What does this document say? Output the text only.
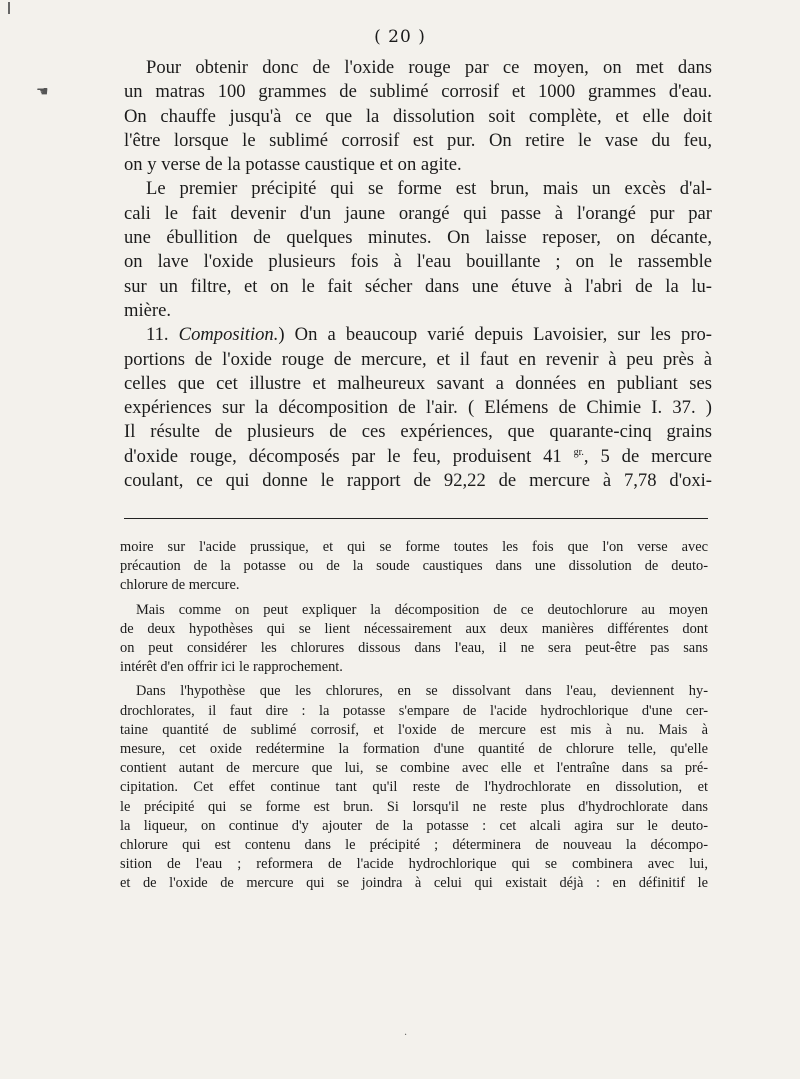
☚
( 20 )
Pour obtenir donc de l'oxide rouge par ce moyen, on met dans
un matras 100 grammes de sublimé corrosif et 1000 grammes d'eau.
On chauffe jusqu'à ce que la dissolution soit complète, et elle doit
l'être lorsque le sublimé corrosif est pur. On retire le vase du feu,
on y verse de la potasse caustique et on agite.
Le premier précipité qui se forme est brun, mais un excès d'al-
cali le fait devenir d'un jaune orangé qui passe à l'orangé pur par
une ébullition de quelques minutes. On laisse reposer, on décante,
on lave l'oxide plusieurs fois à l'eau bouillante ; on le rassemble
sur un filtre, et on le fait sécher dans une étuve à l'abri de la lu-
mière.
11. Composition.) On a beaucoup varié depuis Lavoisier, sur les pro-
portions de l'oxide rouge de mercure, et il faut en revenir à peu près à
celles que cet illustre et malheureux savant a données en publiant ses
expériences sur la décomposition de l'air. ( Elémens de Chimie I. 37. )
Il résulte de plusieurs de ces expériences, que quarante-cinq grains
d'oxide rouge, décomposés par le feu, produisent 41 $^{gr.}$, 5 de mercure
coulant, ce qui donne le rapport de 92,22 de mercure à 7,78 d'oxi-
moire sur l'acide prussique, et qui se forme toutes les fois que l'on verse avec
précaution de la potasse ou de la soude caustiques dans une dissolution de deuto-
chlorure de mercure.
Mais comme on peut expliquer la décomposition de ce deutochlorure au moyen
de deux hypothèses qui se lient nécessairement aux deux manières différentes dont
on peut considérer les chlorures dissous dans l'eau, il ne sera peut-être pas sans
intérêt d'en offrir ici le rapprochement.
Dans l'hypothèse que les chlorures, en se dissolvant dans l'eau, deviennent hy-
drochlorates, il faut dire : la potasse s'empare de l'acide hydrochlorique d'une cer-
taine quantité de sublimé corrosif, et l'oxide de mercure est mis à nu. Mais à
mesure, cet oxide redétermine la formation d'une quantité de chlorure telle, qu'elle
contient autant de mercure que lui, se combine avec elle et l'entraîne dans sa pré-
cipitation. Cet effet continue tant qu'il reste de l'hydrochlorate en dissolution, et
le précipité qui se forme est brun. Si lorsqu'il ne reste plus d'hydrochlorate dans
la liqueur, on continue d'y ajouter de la potasse : cet alcali agira sur le deuto-
chlorure qui est contenu dans le précipité ; déterminera de nouveau la décompo-
sition de l'eau ; reformera de l'acide hydrochlorique qui se combinera avec lui,
et de l'oxide de mercure qui se joindra à celui qui existait déjà : en définitif le
·
